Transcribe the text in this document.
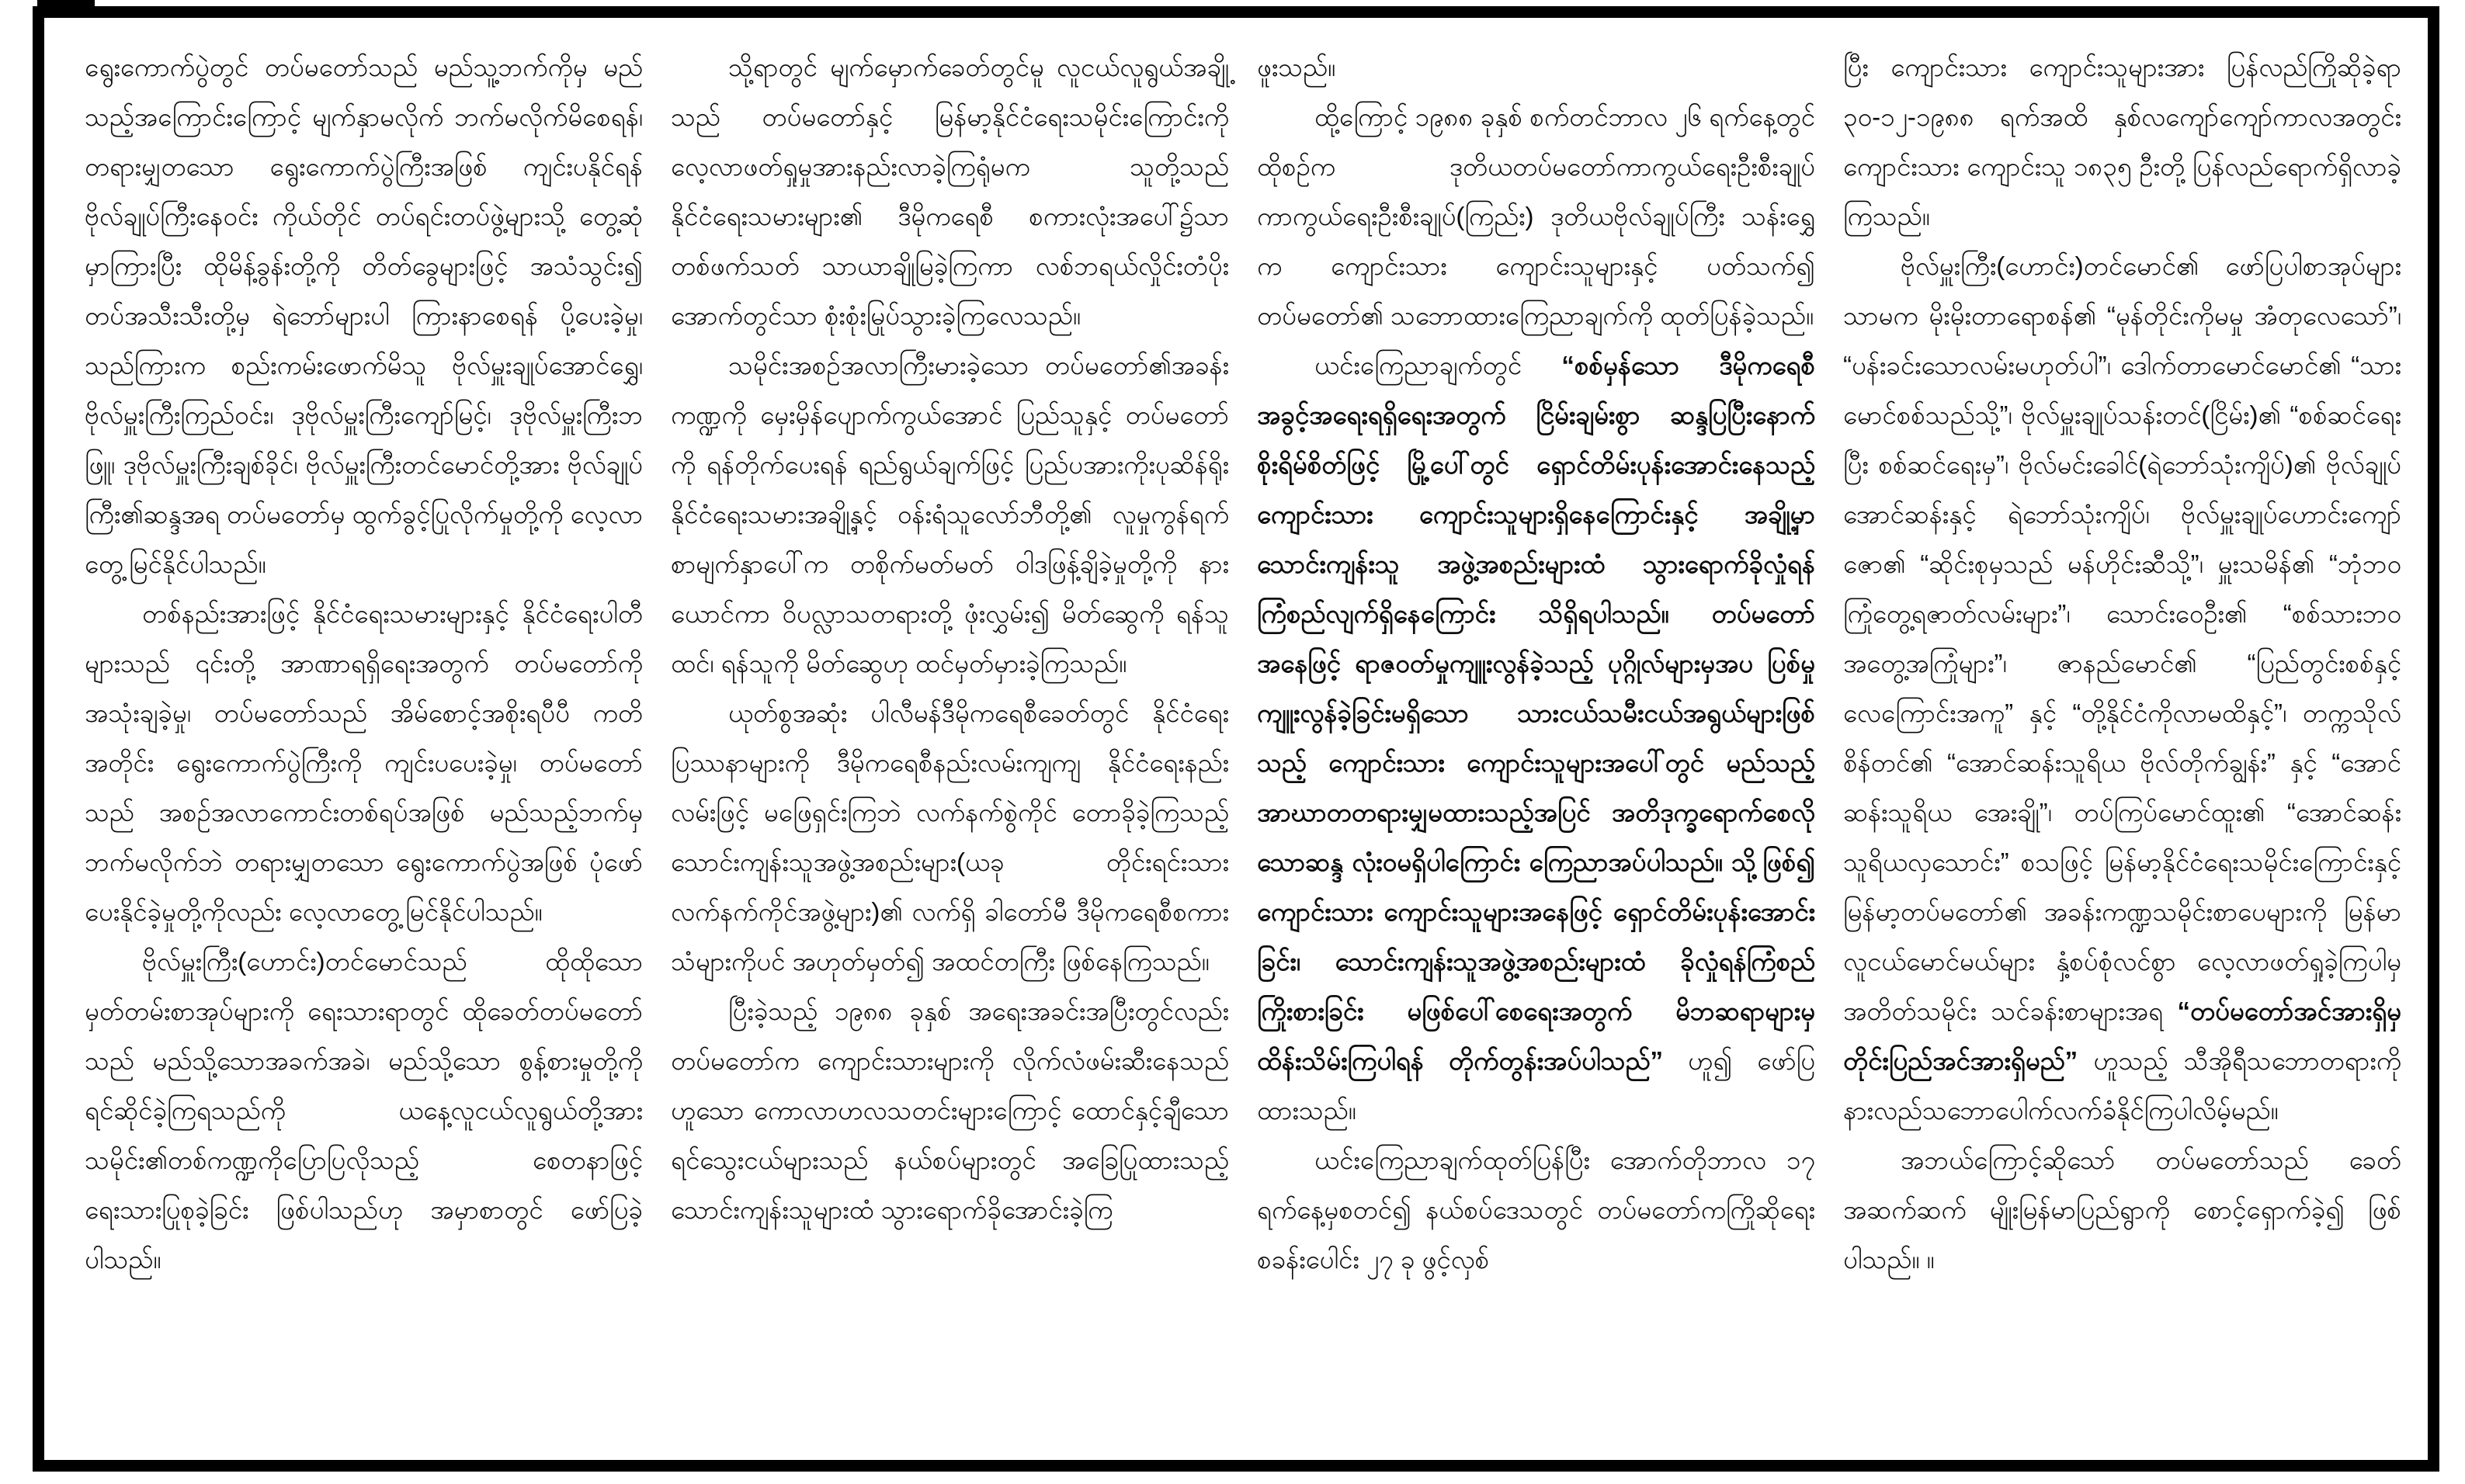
ရွေးကောက်ပွဲတွင် တပ်မတော်သည် မည်သူ့ဘက်ကိုမှ မည်သည့်အကြောင်းကြောင့် မျက်နှာမလိုက် ဘက်မလိုက်မိစေရန်၊ တရားမျှတသော ရွေးကောက်ပွဲကြီးအဖြစ် ကျင်းပနိုင်ရန် ဗိုလ်ချုပ်ကြီးနေဝင်း ကိုယ်တိုင် တပ်ရင်းတပ်ဖွဲ့များသို့ တွေ့ဆုံမှာကြားပြီး ထိုမိန့်ခွန်းတို့ကို တိတ်ခွေများဖြင့် အသံသွင်း၍ တပ်အသီးသီးတို့မှ ရဲဘော်များပါ ကြားနာစေရန် ပို့ပေးခဲ့မှု၊ သည်ကြားက စည်းကမ်းဖောက်မိသူ ဗိုလ်မှူးချုပ်အောင်ရွှေ၊ ဗိုလ်မှူးကြီးကြည်ဝင်း၊ ဒုဗိုလ်မှူးကြီးကျော်မြင့်၊ ဒုဗိုလ်မှူးကြီးဘဖြူ၊ ဒုဗိုလ်မှူးကြီးချစ်ခိုင်၊ ဗိုလ်မှူးကြီးတင်မောင်တို့အား ဗိုလ်ချုပ်ကြီး၏ဆန္ဒအရ တပ်မတော်မှ ထွက်ခွင့်ပြုလိုက်မှုတို့ကို လေ့လာတွေ့မြင်နိုင်ပါသည်။

တစ်နည်းအားဖြင့် နိုင်ငံရေးသမားများနှင့် နိုင်ငံရေးပါတီများသည် ၎င်းတို့ အာဏာရရှိရေးအတွက် တပ်မတော်ကိုအသုံးချခဲ့မှု၊ တပ်မတော်သည် အိမ်စောင့်အစိုးရပီပီ ကတိအတိုင်း ရွေးကောက်ပွဲကြီးကို ကျင်းပပေးခဲ့မှု၊ တပ်မတော်သည် အစဉ်အလာကောင်းတစ်ရပ်အဖြစ် မည်သည့်ဘက်မှ ဘက်မလိုက်ဘဲ တရားမျှတသော ရွေးကောက်ပွဲအဖြစ် ပုံဖော်ပေးနိုင်ခဲ့မှုတို့ကိုလည်း လေ့လာတွေ့မြင်နိုင်ပါသည်။

ဗိုလ်မှူးကြီး(ဟောင်း)တင်မောင်သည် ထိုထိုသော မှတ်တမ်းစာအုပ်များကို ရေးသားရာတွင် ထိုခေတ်တပ်မတော်သည် မည်သို့သောအခက်အခဲ၊ မည်သို့သော စွန့်စားမှုတို့ကို ရင်ဆိုင်ခဲ့ကြရသည်ကို ယနေ့လူငယ်လူရွယ်တို့အား သမိုင်း၏တစ်ကဏ္ဍကိုပြောပြလိုသည့် စေတနာဖြင့်ရေးသားပြုစုခဲ့ခြင်း ဖြစ်ပါသည်ဟု အမှာစာတွင် ဖော်ပြခဲ့ပါသည်။

သို့ရာတွင် မျက်မှောက်ခေတ်တွင်မူ လူငယ်လူရွယ်အချို့သည် တပ်မတော်နှင့် မြန်မာ့နိုင်ငံရေးသမိုင်းကြောင်းကို လေ့လာဖတ်ရှုမှုအားနည်းလာခဲ့ကြရုံမက သူတို့သည် နိုင်ငံရေးသမားများ၏ ဒီမိုကရေစီ စကားလုံးအပေါ်၌သာ တစ်ဖက်သတ် သာယာချိုမြခဲ့ကြကာ လစ်ဘရယ်လှိုင်းတံပိုးအောက်တွင်သာ စုံးစုံးမြုပ်သွားခဲ့ကြလေသည်။

သမိုင်းအစဉ်အလာကြီးမားခဲ့သော တပ်မတော်၏အခန်းကဏ္ဍကို မှေးမှိန်ပျောက်ကွယ်အောင် ပြည်သူနှင့် တပ်မတော်ကို ရန်တိုက်ပေးရန် ရည်ရွယ်ချက်ဖြင့် ပြည်ပအားကိုးပုဆိန်ရိုး နိုင်ငံရေးသမားအချို့နှင့် ဝန်းရံသူလော်ဘီတို့၏ လူမှုကွန်ရက်စာမျက်နှာပေါ်က တစိုက်မတ်မတ် ဝါဒဖြန့်ချိခဲ့မှုတို့ကို နားယောင်ကာ ဝိပလ္လာသတရားတို့ ဖုံးလွှမ်း၍ မိတ်ဆွေကို ရန်သူထင်၊ ရန်သူကို မိတ်ဆွေဟု ထင်မှတ်မှားခဲ့ကြသည်။

ယုတ်စွအဆုံး ပါလီမန်ဒီမိုကရေစီခေတ်တွင် နိုင်ငံရေးပြဿနာများကို ဒီမိုကရေစီနည်းလမ်းကျကျ နိုင်ငံရေးနည်းလမ်းဖြင့် မဖြေရှင်းကြဘဲ လက်နက်စွဲကိုင် တောခိုခဲ့ကြသည့် သောင်းကျန်းသူအဖွဲ့အစည်းများ(ယခု တိုင်းရင်းသားလက်နက်ကိုင်အဖွဲ့များ)၏ လက်ရှိ ခါတော်မီ ဒီမိုကရေစီစကားသံများကိုပင် အဟုတ်မှတ်၍ အထင်တကြီး ဖြစ်နေကြသည်။

ပြီးခဲ့သည့် ၁၉၈၈ ခုနှစ် အရေးအခင်းအပြီးတွင်လည်း တပ်မတော်က ကျောင်းသားများကို လိုက်လံဖမ်းဆီးနေသည်ဟူသော ကောလာဟလသတင်းများကြောင့် ထောင်နှင့်ချီသော ရင်သွေးငယ်များသည် နယ်စပ်များတွင် အခြေပြုထားသည့် သောင်းကျန်းသူများထံ သွားရောက်ခိုအောင်းခဲ့ကြ

ဖူးသည်။

ထို့ကြောင့် ၁၉၈၈ ခုနှစ် စက်တင်ဘာလ ၂၆ ရက်နေ့တွင် ထိုစဉ်က ဒုတိယတပ်မတော်ကာကွယ်ရေးဦးစီးချုပ် ကာကွယ်ရေးဦးစီးချုပ်(ကြည်း) ဒုတိယဗိုလ်ချုပ်ကြီး သန်းရွှေက ကျောင်းသား ကျောင်းသူများနှင့် ပတ်သက်၍ တပ်မတော်၏ သဘောထားကြေညာချက်ကို ထုတ်ပြန်ခဲ့သည်။

ယင်းကြေညာချက်တွင် “စစ်မှန်သော ဒီမိုကရေစီအခွင့်အရေးရရှိရေးအတွက် ငြိမ်းချမ်းစွာ ဆန္ဒပြပြီးနောက် စိုးရိမ်စိတ်ဖြင့် မြို့ပေါ်တွင် ရှောင်တိမ်းပုန်းအောင်းနေသည့် ကျောင်းသား ကျောင်းသူများရှိနေကြောင်းနှင့် အချို့မှာ သောင်းကျန်းသူ အဖွဲ့အစည်းများထံ သွားရောက်ခိုလှုံရန် ကြံစည်လျက်ရှိနေကြောင်း သိရှိရပါသည်။ တပ်မတော်အနေဖြင့် ရာဇဝတ်မှုကျူးလွန်ခဲ့သည့် ပုဂ္ဂိုလ်များမှအပ ပြစ်မှုကျူးလွန်ခဲ့ခြင်းမရှိသော သားငယ်သမီးငယ်အရွယ်များဖြစ်သည့် ကျောင်းသား ကျောင်းသူများအပေါ်တွင် မည်သည့် အာဃာတတရားမျှမထားသည့်အပြင် အတိဒုက္ခရောက်စေလိုသောဆန္ဒ လုံးဝမရှိပါကြောင်း ကြေညာအပ်ပါသည်။ သို့ဖြစ်၍ ကျောင်းသား ကျောင်းသူများအနေဖြင့် ရှောင်တိမ်းပုန်းအောင်းခြင်း၊ သောင်းကျန်းသူအဖွဲ့အစည်းများထံ ခိုလှုံရန်ကြံစည်ကြိုးစားခြင်း မဖြစ်ပေါ်စေရေးအတွက် မိဘဆရာများမှ ထိန်းသိမ်းကြပါရန် တိုက်တွန်းအပ်ပါသည်” ဟူ၍ ဖော်ပြထားသည်။

ယင်းကြေညာချက်ထုတ်ပြန်ပြီး အောက်တိုဘာလ ၁၇ ရက်နေ့မှစတင်၍ နယ်စပ်ဒေသတွင် တပ်မတော်ကကြိုဆိုရေးစခန်းပေါင်း ၂၇ ခု ဖွင့်လှစ်

ပြီး ကျောင်းသား ကျောင်းသူများအား ပြန်လည်ကြိုဆိုခဲ့ရာ ၃၀-၁၂-၁၉၈၈ ရက်အထိ နှစ်လကျော်ကျော်ကာလအတွင်း ကျောင်းသား ကျောင်းသူ ၁၈၃၅ ဦးတို့ ပြန်လည်ရောက်ရှိလာခဲ့ကြသည်။

ဗိုလ်မှူးကြီး(ဟောင်း)တင်မောင်၏ ဖော်ပြပါစာအုပ်များသာမက မိုးမိုးတာရောစန်၏ “မုန်တိုင်းကိုမမှု အံတုလေသော်”၊ “ပန်းခင်းသောလမ်းမဟုတ်ပါ”၊ ဒေါက်တာမောင်မောင်၏ “သားမောင်စစ်သည်သို့”၊ ဗိုလ်မှူးချုပ်သန်းတင်(ငြိမ်း)၏ “စစ်ဆင်ရေးပြီး စစ်ဆင်ရေးမှ”၊ ဗိုလ်မင်းခေါင်(ရဲဘော်သုံးကျိပ်)၏ ဗိုလ်ချုပ်အောင်ဆန်းနှင့် ရဲဘော်သုံးကျိပ်၊ ဗိုလ်မှူးချုပ်ဟောင်းကျော်ဇော၏ “ဆိုင်းစုမှသည် မန်ဟိုင်းဆီသို့”၊ မှူးသမိန်၏ “ဘုံဘဝကြုံတွေ့ရဇာတ်လမ်းများ”၊ သောင်းဝေဦး၏ “စစ်သားဘဝ အတွေ့အကြုံများ”၊ ဇာနည်မောင်၏ “ပြည်တွင်းစစ်နှင့် လေကြောင်းအကူ” နှင့် “တို့နိုင်ငံကိုလာမထိနှင့်”၊ တက္ကသိုလ်စိန်တင်၏ “အောင်ဆန်းသူရိယ ဗိုလ်တိုက်ချွန်း” နှင့် “အောင်ဆန်းသူရိယ အေးချို”၊ တပ်ကြပ်မောင်ထူး၏ “အောင်ဆန်းသူရိယလှသောင်း” စသဖြင့် မြန်မာ့နိုင်ငံရေးသမိုင်းကြောင်းနှင့် မြန်မာ့တပ်မတော်၏ အခန်းကဏ္ဍသမိုင်းစာပေများကို မြန်မာလူငယ်မောင်မယ်များ နှံ့စပ်စုံလင်စွာ လေ့လာဖတ်ရှုခဲ့ကြပါမှ အတိတ်သမိုင်း သင်ခန်းစာများအရ “တပ်မတော်အင်အားရှိမှ တိုင်းပြည်အင်အားရှိမည်” ဟူသည့် သီအိုရီသဘောတရားကို နားလည်သဘောပေါက်လက်ခံနိုင်ကြပါလိမ့်မည်။

အဘယ်ကြောင့်ဆိုသော် တပ်မတော်သည် ခေတ်အဆက်ဆက် မျိုးမြန်မာပြည်ရွာကို စောင့်ရှောက်ခဲ့၍ ဖြစ်ပါသည်။ ။
